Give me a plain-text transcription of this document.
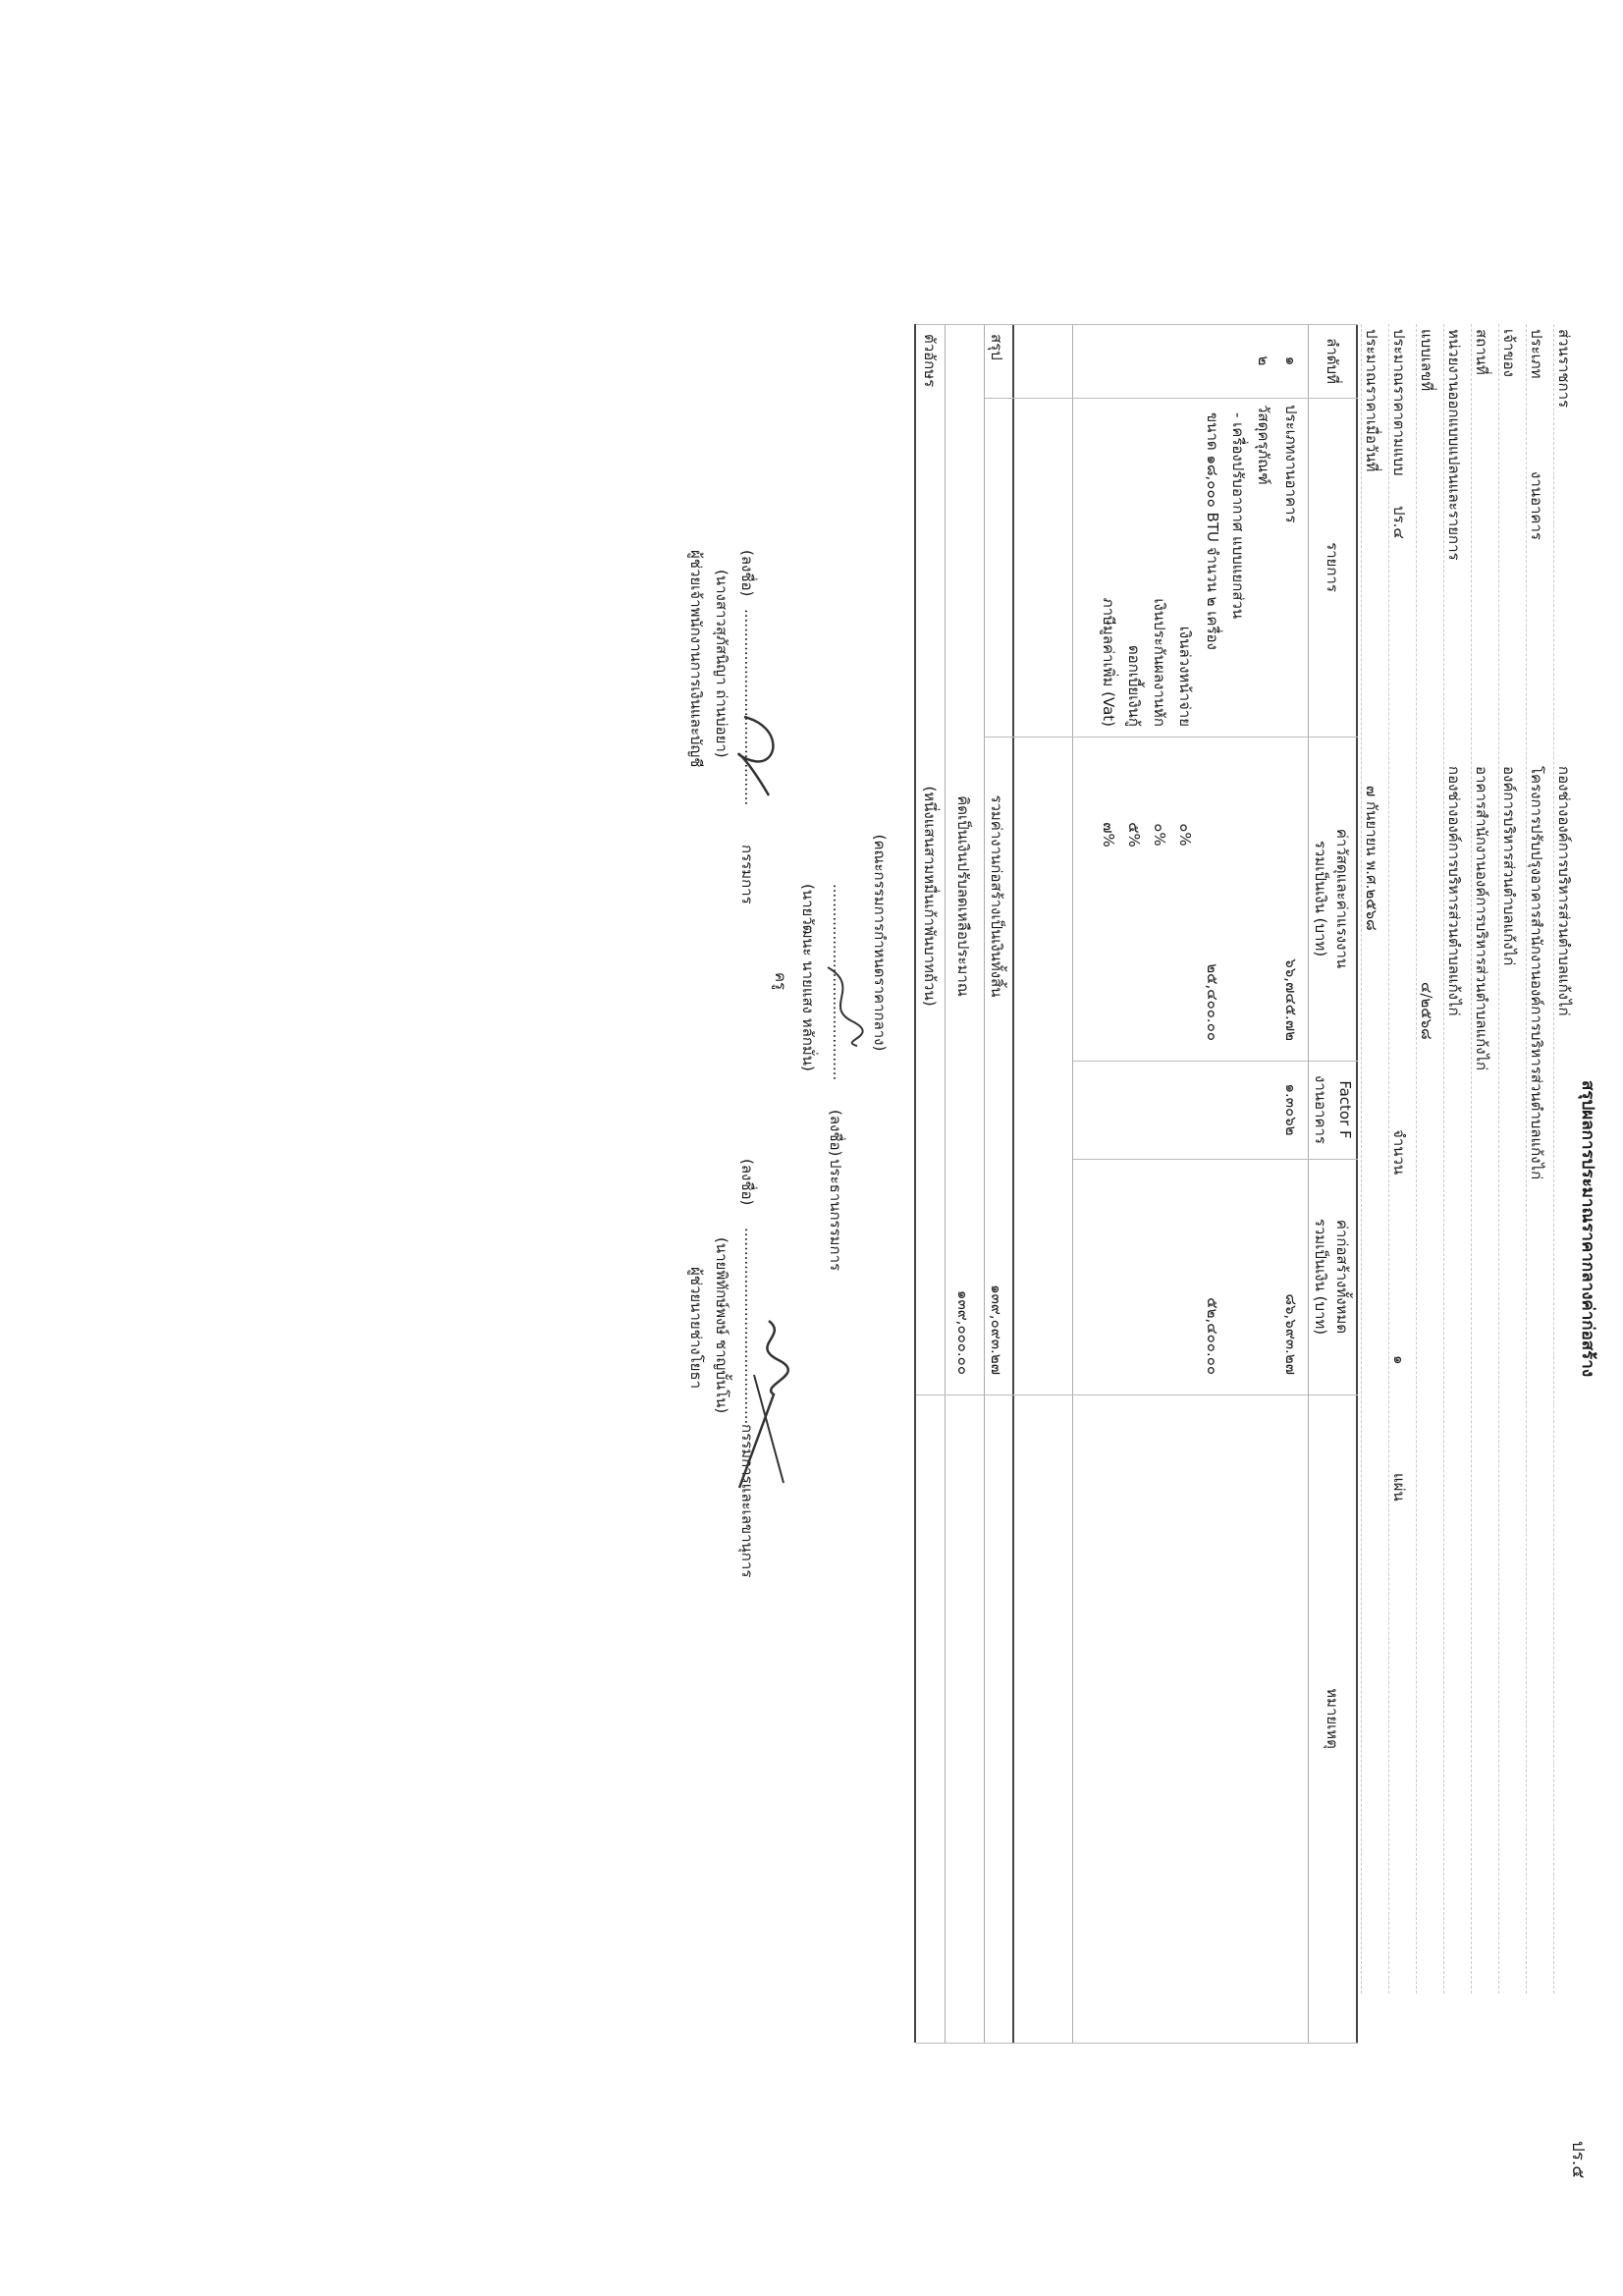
สรุปผลการประมาณราคากลางค่าก่อสร้าง
ปร.๕
ส่วนราชการ
กองช่างองค์การบริหารส่วนตำบลแก้งไก่
ประเภท
งานอาคาร
โครงการปรับปรุงอาคารสำนักงานองค์การบริหารส่วนตำบลแก้งไก่
เจ้าของ
องค์การบริหารส่วนตำบลแก้งไก่
สถานที่
อาคารสำนักงานองค์การบริหารส่วนตำบลแก้งไก่
หน่วยงานออกแบบแปลนและรายการ
กองช่างองค์การบริหารส่วนตำบลแก้งไก่
แบบเลขที่
๔/๒๕๖๘
ประมาณราคาตามแบบ
ปร.๔
จำนวน
๑
แผ่น
ประมาณราคาเมื่อวันที่
๗ กันยายน พ.ศ.๒๕๖๘
ลำดับที่
รายการ
ค่าวัสดุและค่าแรงงาน
รวมเป็นเงิน (บาท)
Factor F
งานอาคาร
ค่าก่อสร้างทั้งหมด
รวมเป็นเงิน (บาท)
หมายเหตุ
๑
ประเภทงานอาคาร
๖๖,๗๔๕.๗๒
๑.๓๐๖๒
๘๖,๖๙๓.๒๗
๒
วัสดุครุภัณฑ์
- เครื่องปรับอากาศ แบบแยกส่วน
ขนาด ๑๘,๐๐๐ BTU จำนวน ๒ เครื่อง
๒๕,๔๐๐.๐๐
๕๒,๔๐๐.๐๐
เงินล่วงหน้าจ่าย
๐%
เงินประกันผลงานหัก
๐%
ดอกเบี้ยเงินกู้
๕%
ภาษีมูลค่าเพิ่ม (Vat)
๗%
สรุป
รวมค่างานก่อสร้างเป็นเงินทั้งสิ้น
๑๓๙,๐๙๓.๒๗
คิดเป็นเงินปรับลดเหลือประมาณ
๑๓๙,๐๐๐.๐๐
ตัวอักษร
(หนึ่งแสนสามหมื่นเก้าพันบาทถ้วน)
(คณะกรรมการกำหนดราคากลาง)
(ลงชื่อ)
..........................................
ประธานกรรมการ
(นายวัฒนะ นายแสง หลักมั่น)
ครู
กรรมการ
(ลงชื่อ)
..........................................
(นางสาวสุภัสนิญา ถ่านบ่อยา)
ผู้ช่วยเจ้าพนักงานการเงินและบัญชี
(ลงชื่อ)
..........................................
กรรมการและเลขานุการ
(นายพิทักษ์พงษ์ ชาญบั้นโน)
ผู้ช่วยนายช่างโยธา
